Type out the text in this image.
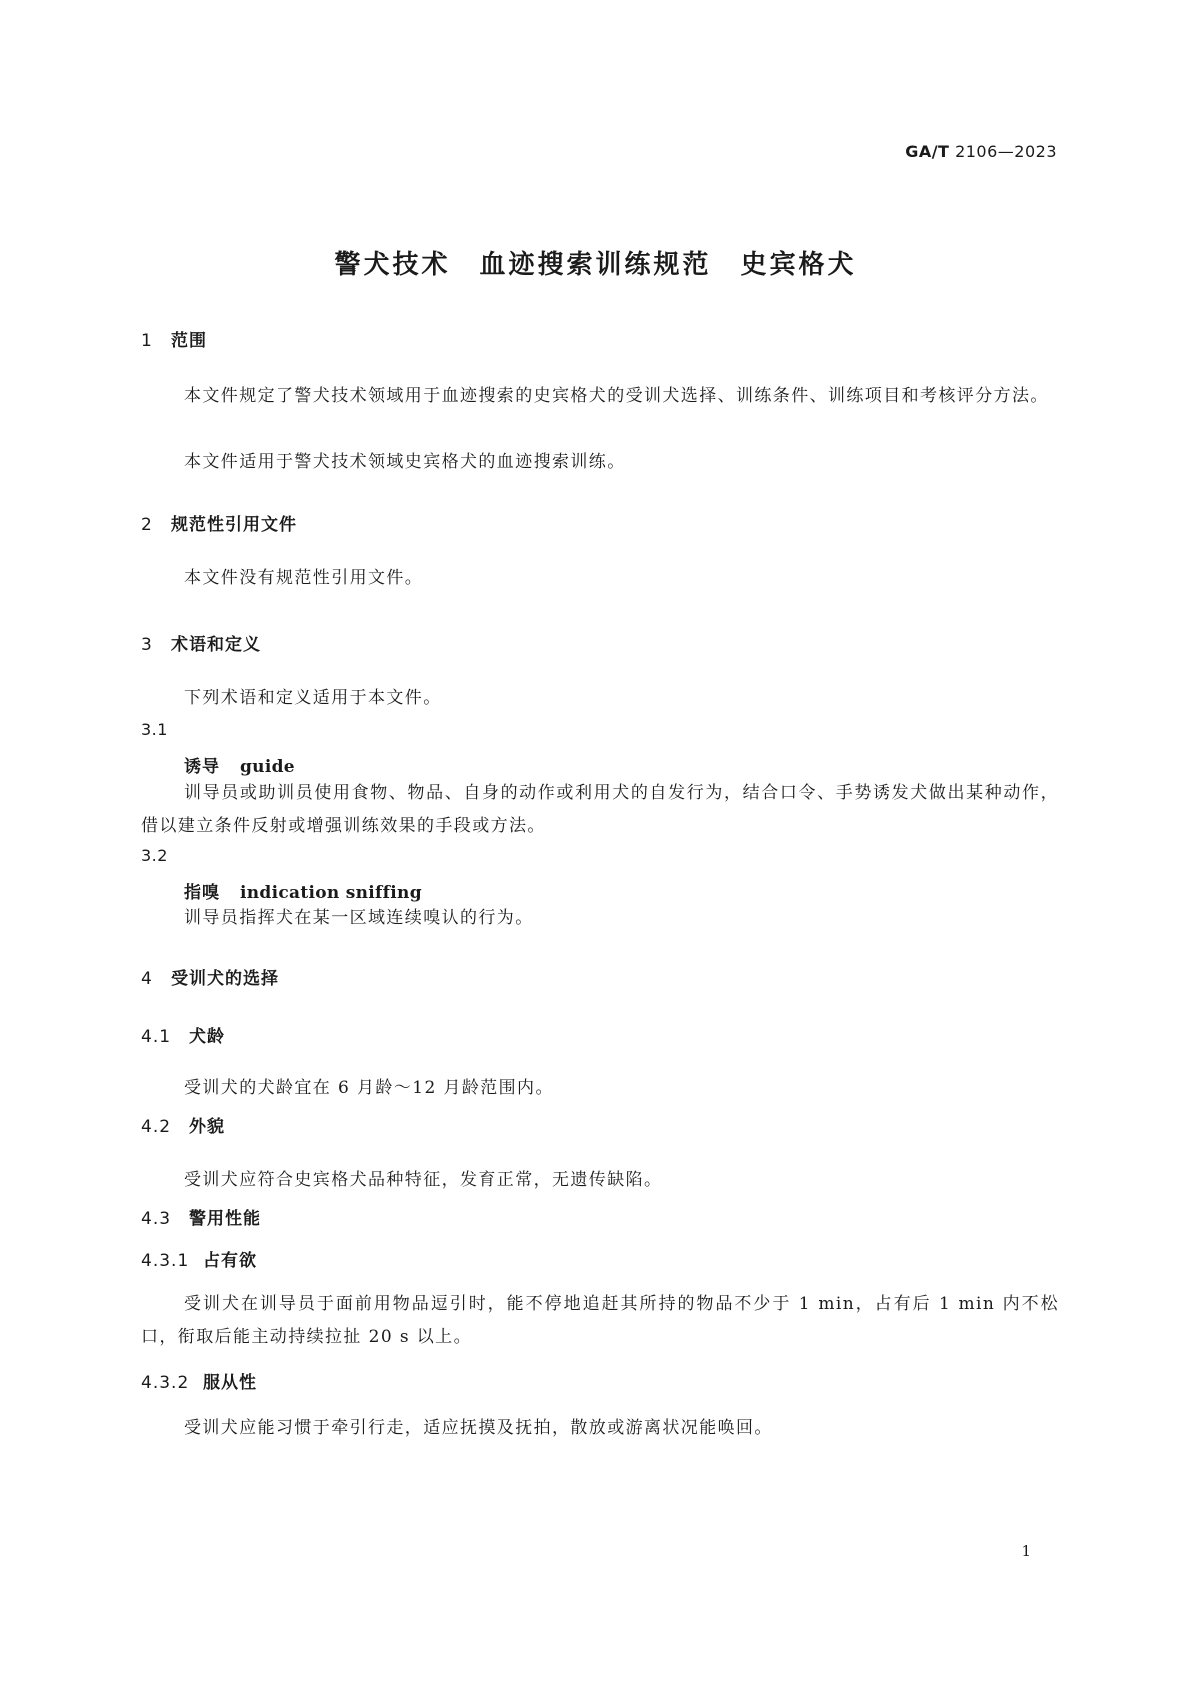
GA/T 2106—2023
警犬技术　血迹搜索训练规范　史宾格犬
1 范围
本文件规定了警犬技术领域用于血迹搜索的史宾格犬的受训犬选择、训练条件、训练项目和考核评分方法。
本文件适用于警犬技术领域史宾格犬的血迹搜索训练。
2 规范性引用文件
本文件没有规范性引用文件。
3 术语和定义
下列术语和定义适用于本文件。
3.1
诱导 guide
训导员或助训员使用食物、物品、自身的动作或利用犬的自发行为，结合口令、手势诱发犬做出某种动作，借以建立条件反射或增强训练效果的手段或方法。
3.2
指嗅 indication sniffing
训导员指挥犬在某一区域连续嗅认的行为。
4 受训犬的选择
4.1 犬龄
受训犬的犬龄宜在 6 月龄～12 月龄范围内。
4.2 外貌
受训犬应符合史宾格犬品种特征，发育正常，无遗传缺陷。
4.3 警用性能
4.3.1 占有欲
受训犬在训导员于面前用物品逗引时，能不停地追赶其所持的物品不少于 1 min，占有后 1 min 内不松口，衔取后能主动持续拉扯 20 s 以上。
4.3.2 服从性
受训犬应能习惯于牵引行走，适应抚摸及抚拍，散放或游离状况能唤回。
1
